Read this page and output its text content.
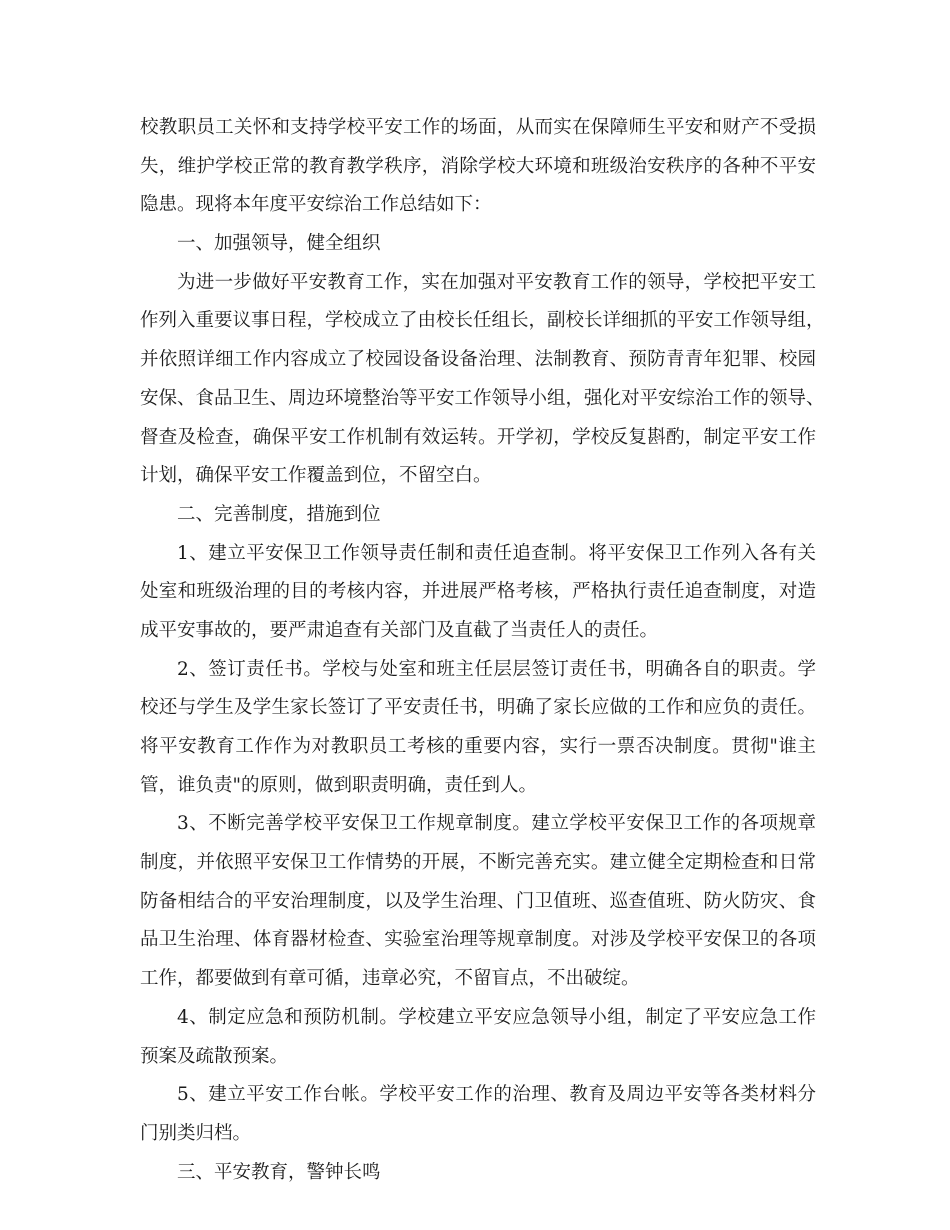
校教职员工关怀和支持学校平安工作的场面，从而实在保障师生平安和财产不受损
失，维护学校正常的教育教学秩序，消除学校大环境和班级治安秩序的各种不平安
隐患。现将本年度平安综治工作总结如下：
一、加强领导，健全组织
为进一步做好平安教育工作，实在加强对平安教育工作的领导，学校把平安工
作列入重要议事日程，学校成立了由校长任组长，副校长详细抓的平安工作领导组，
并依照详细工作内容成立了校园设备设备治理、法制教育、预防青青年犯罪、校园
安保、食品卫生、周边环境整治等平安工作领导小组，强化对平安综治工作的领导、
督查及检查，确保平安工作机制有效运转。开学初，学校反复斟酌，制定平安工作
计划，确保平安工作覆盖到位，不留空白。
二、完善制度，措施到位
1、建立平安保卫工作领导责任制和责任追查制。将平安保卫工作列入各有关
处室和班级治理的目的考核内容，并进展严格考核，严格执行责任追查制度，对造
成平安事故的，要严肃追查有关部门及直截了当责任人的责任。
2、签订责任书。学校与处室和班主任层层签订责任书，明确各自的职责。学
校还与学生及学生家长签订了平安责任书，明确了家长应做的工作和应负的责任。
将平安教育工作作为对教职员工考核的重要内容，实行一票否决制度。贯彻"谁主
管，谁负责"的原则，做到职责明确，责任到人。
3、不断完善学校平安保卫工作规章制度。建立学校平安保卫工作的各项规章
制度，并依照平安保卫工作情势的开展，不断完善充实。建立健全定期检查和日常
防备相结合的平安治理制度，以及学生治理、门卫值班、巡查值班、防火防灾、食
品卫生治理、体育器材检查、实验室治理等规章制度。对涉及学校平安保卫的各项
工作，都要做到有章可循，违章必究，不留盲点，不出破绽。
4、制定应急和预防机制。学校建立平安应急领导小组，制定了平安应急工作
预案及疏散预案。
5、建立平安工作台帐。学校平安工作的治理、教育及周边平安等各类材料分
门别类归档。
三、平安教育，警钟长鸣
